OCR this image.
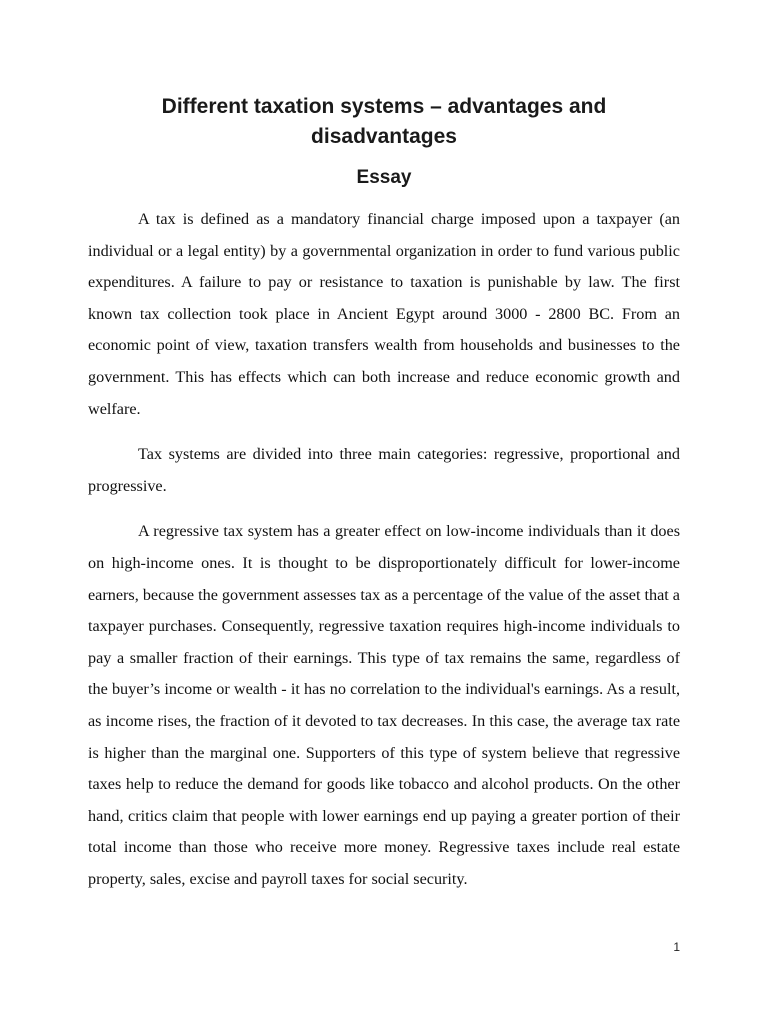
Different taxation systems – advantages and disadvantages
Essay

A tax is defined as a mandatory financial charge imposed upon a taxpayer (an individual or a legal entity) by a governmental organization in order to fund various public expenditures. A failure to pay or resistance to taxation is punishable by law. The first known tax collection took place in Ancient Egypt around 3000 - 2800 BC. From an economic point of view, taxation transfers wealth from households and businesses to the government. This has effects which can both increase and reduce economic growth and welfare.

Tax systems are divided into three main categories: regressive, proportional and progressive.

A regressive tax system has a greater effect on low-income individuals than it does on high-income ones. It is thought to be disproportionately difficult for lower-income earners, because the government assesses tax as a percentage of the value of the asset that a taxpayer purchases. Consequently, regressive taxation requires high-income individuals to pay a smaller fraction of their earnings. This type of tax remains the same, regardless of the buyer’s income or wealth - it has no correlation to the individual's earnings. As a result, as income rises, the fraction of it devoted to tax decreases. In this case, the average tax rate is higher than the marginal one. Supporters of this type of system believe that regressive taxes help to reduce the demand for goods like tobacco and alcohol products. On the other hand, critics claim that people with lower earnings end up paying a greater portion of their total income than those who receive more money. Regressive taxes include real estate property, sales, excise and payroll taxes for social security.

1
